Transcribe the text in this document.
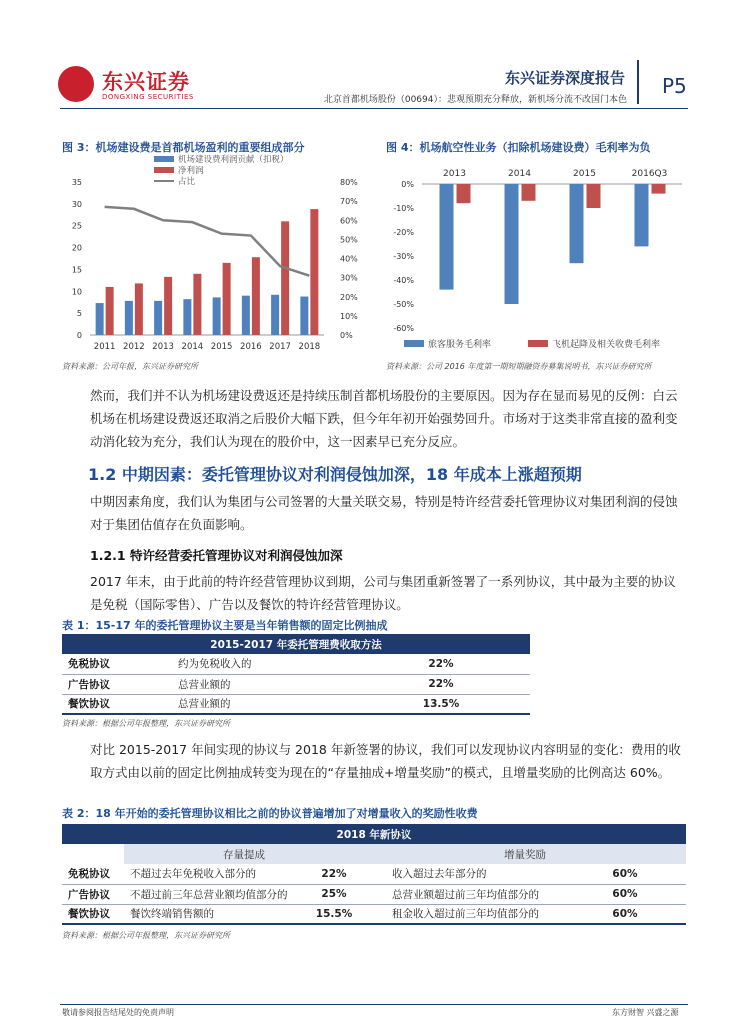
东兴证券
DONGXING SECURITIES
东兴证券深度报告
北京首都机场股份（00694）：悲观预期充分释放，新机场分流不改国门本色
P5
图 3：机场建设费是首都机场盈利的重要组成部分	图 4：机场航空性业务（扣除机场建设费）毛利率为负
0
5
10
15
20
25
30
35
0%
10%
20%
30%
40%
50%
60%
70%
80%
2011 2012 2013 2014 2015 2016 2017 2018
机场建设费利润贡献（扣税）
净利润
占比	0%
-10%
-20%
-30%
-40%
-50%
-60%
2013	2014	2015	2016Q3
旅客服务毛利率	飞机起降及相关收费毛利率
资料来源：公司年报，东兴证券研究所	资料来源：公司 2016 年度第一期短期融资券募集说明书，东兴证券研究所
然而，我们并不认为机场建设费返还是持续压制首都机场股份的主要原因。因为存在显而易见的反例：白云机场在机场建设费返还取消之后股价大幅下跌，但今年年初开始强势回升。市场对于这类非常直接的盈利变动消化较为充分，我们认为现在的股价中，这一因素早已充分反应。
1.2 中期因素：委托管理协议对利润侵蚀加深，18 年成本上涨超预期
中期因素角度，我们认为集团与公司签署的大量关联交易，特别是特许经营委托管理协议对集团利润的侵蚀对于集团估值存在负面影响。
1.2.1 特许经营委托管理协议对利润侵蚀加深
2017 年末，由于此前的特许经营管理协议到期，公司与集团重新签署了一系列协议，其中最为主要的协议是免税（国际零售）、广告以及餐饮的特许经营管理协议。
表 1：15-17 年的委托管理协议主要是当年销售额的固定比例抽成
2015-2017 年委托管理费收取方法		
免税协议	约为免税收入的	22%
广告协议	总营业额的	22%
餐饮协议	总营业额的	13.5%
资料来源：根据公司年报整理，东兴证券研究所
对比 2015-2017 年间实现的协议与 2018 年新签署的协议，我们可以发现协议内容明显的变化：费用的收取方式由以前的固定比例抽成转变为现在的“存量抽成+增量奖励”的模式，且增量奖励的比例高达 60%。
表 2：18 年开始的委托管理协议相比之前的协议普遍增加了对增量收入的奖励性收费
2018 年新协议				
	存量提成		增量奖励	
免税协议	不超过去年免税收入部分的	22%	收入超过去年部分的	60%
广告协议	不超过前三年总营业额均值部分的	25%	总营业额超过前三年均值部分的	60%
餐饮协议	餐饮终端销售额的	15.5%	租金收入超过前三年均值部分的	60%
资料来源：根据公司年报整理，东兴证券研究所
敬请参阅报告结尾处的免责声明	东方财智 兴盛之源
